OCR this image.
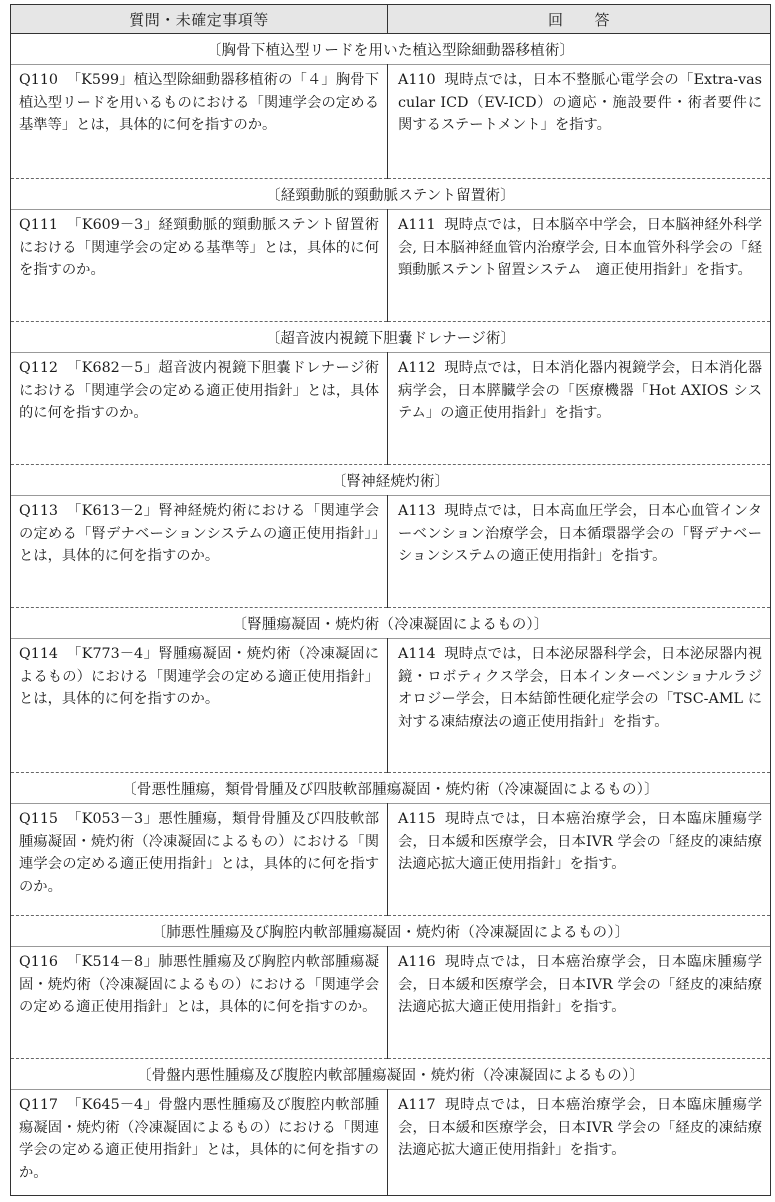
質問・未確定事項等	回　　答
〔胸骨下植込型リードを用いた植込型除細動器移植術〕	
Q110 「K599」植込型除細動器移植術の「４」胸骨下植込型リードを用いるものにおける「関連学会の定める基準等」とは，具体的に何を指すのか。	A110 現時点では，日本不整脈心電学会の「Extra-vascular ICD（EV-ICD）の適応・施設要件・術者要件に関するステートメント」を指す。
〔経頸動脈的頸動脈ステント留置術〕	
Q111 「K609－3」経頸動脈的頸動脈ステント留置術における「関連学会の定める基準等」とは，具体的に何を指すのか。	A111 現時点では，日本脳卒中学会，日本脳神経外科学会, 日本脳神経血管内治療学会, 日本血管外科学会の「経頸動脈ステント留置システム　適正使用指針」を指す。
〔超音波内視鏡下胆嚢ドレナージ術〕	
Q112 「K682－5」超音波内視鏡下胆嚢ドレナージ術における「関連学会の定める適正使用指針」とは，具体的に何を指すのか。	A112 現時点では，日本消化器内視鏡学会，日本消化器病学会，日本膵臓学会の「医療機器「Hot AXIOS システム」の適正使用指針」を指す。
〔腎神経焼灼術〕	
Q113 「K613－2」腎神経焼灼術における「関連学会の定める「腎デナベーションシステムの適正使用指針」」とは，具体的に何を指すのか。	A113 現時点では，日本高血圧学会，日本心血管インターベンション治療学会，日本循環器学会の「腎デナベーションシステムの適正使用指針」を指す。
〔腎腫瘍凝固・焼灼術（冷凍凝固によるもの）〕	
Q114 「K773－4」腎腫瘍凝固・焼灼術（冷凍凝固によるもの）における「関連学会の定める適正使用指針」とは，具体的に何を指すのか。	A114 現時点では，日本泌尿器科学会，日本泌尿器内視鏡・ロボティクス学会，日本インターベンショナルラジオロジー学会，日本結節性硬化症学会の「TSC-AML に対する凍結療法の適正使用指針」を指す。
〔骨悪性腫瘍，類骨骨腫及び四肢軟部腫瘍凝固・焼灼術（冷凍凝固によるもの）〕	
Q115 「K053－3」悪性腫瘍，類骨骨腫及び四肢軟部腫瘍凝固・焼灼術（冷凍凝固によるもの）における「関連学会の定める適正使用指針」とは，具体的に何を指すのか。	A115 現時点では，日本癌治療学会，日本臨床腫瘍学会，日本緩和医療学会，日本IVR 学会の「経皮的凍結療法適応拡大適正使用指針」を指す。
〔肺悪性腫瘍及び胸腔内軟部腫瘍凝固・焼灼術（冷凍凝固によるもの）〕	
Q116 「K514－8」肺悪性腫瘍及び胸腔内軟部腫瘍凝固・焼灼術（冷凍凝固によるもの）における「関連学会の定める適正使用指針」とは，具体的に何を指すのか。	A116 現時点では，日本癌治療学会，日本臨床腫瘍学会，日本緩和医療学会，日本IVR 学会の「経皮的凍結療法適応拡大適正使用指針」を指す。
〔骨盤内悪性腫瘍及び腹腔内軟部腫瘍凝固・焼灼術（冷凍凝固によるもの）〕	
Q117 「K645－4」骨盤内悪性腫瘍及び腹腔内軟部腫瘍凝固・焼灼術（冷凍凝固によるもの）における「関連学会の定める適正使用指針」とは，具体的に何を指すのか。	A117 現時点では，日本癌治療学会，日本臨床腫瘍学会，日本緩和医療学会，日本IVR 学会の「経皮的凍結療法適応拡大適正使用指針」を指す。
